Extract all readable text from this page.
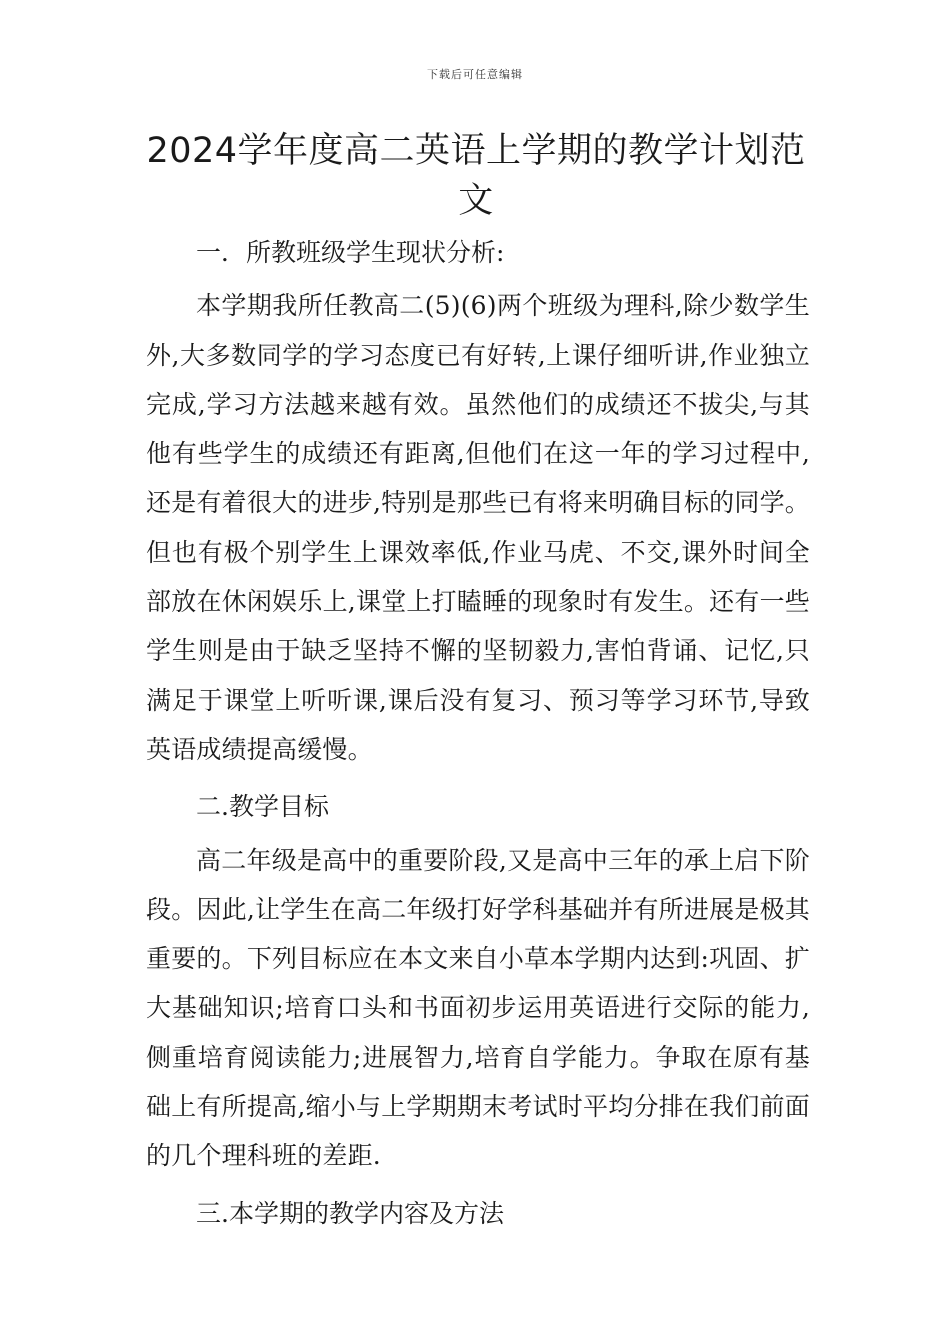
下载后可任意编辑
2024学年度高二英语上学期的教学计划范文

一．所教班级学生现状分析:

本学期我所任教高二(5)(6)两个班级为理科,除少数学生外,大多数同学的学习态度已有好转,上课仔细听讲,作业独立完成,学习方法越来越有效。虽然他们的成绩还不拔尖,与其他有些学生的成绩还有距离,但他们在这一年的学习过程中,还是有着很大的进步,特别是那些已有将来明确目标的同学。但也有极个别学生上课效率低,作业马虎、不交,课外时间全部放在休闲娱乐上,课堂上打瞌睡的现象时有发生。还有一些学生则是由于缺乏坚持不懈的坚韧毅力,害怕背诵、记忆,只满足于课堂上听听课,课后没有复习、预习等学习环节,导致英语成绩提高缓慢。

二.教学目标

高二年级是高中的重要阶段,又是高中三年的承上启下阶段。因此,让学生在高二年级打好学科基础并有所进展是极其重要的。下列目标应在本文来自小草本学期内达到:巩固、扩大基础知识;培育口头和书面初步运用英语进行交际的能力,侧重培育阅读能力;进展智力,培育自学能力。争取在原有基础上有所提高,缩小与上学期期末考试时平均分排在我们前面的几个理科班的差距.

三.本学期的教学内容及方法
